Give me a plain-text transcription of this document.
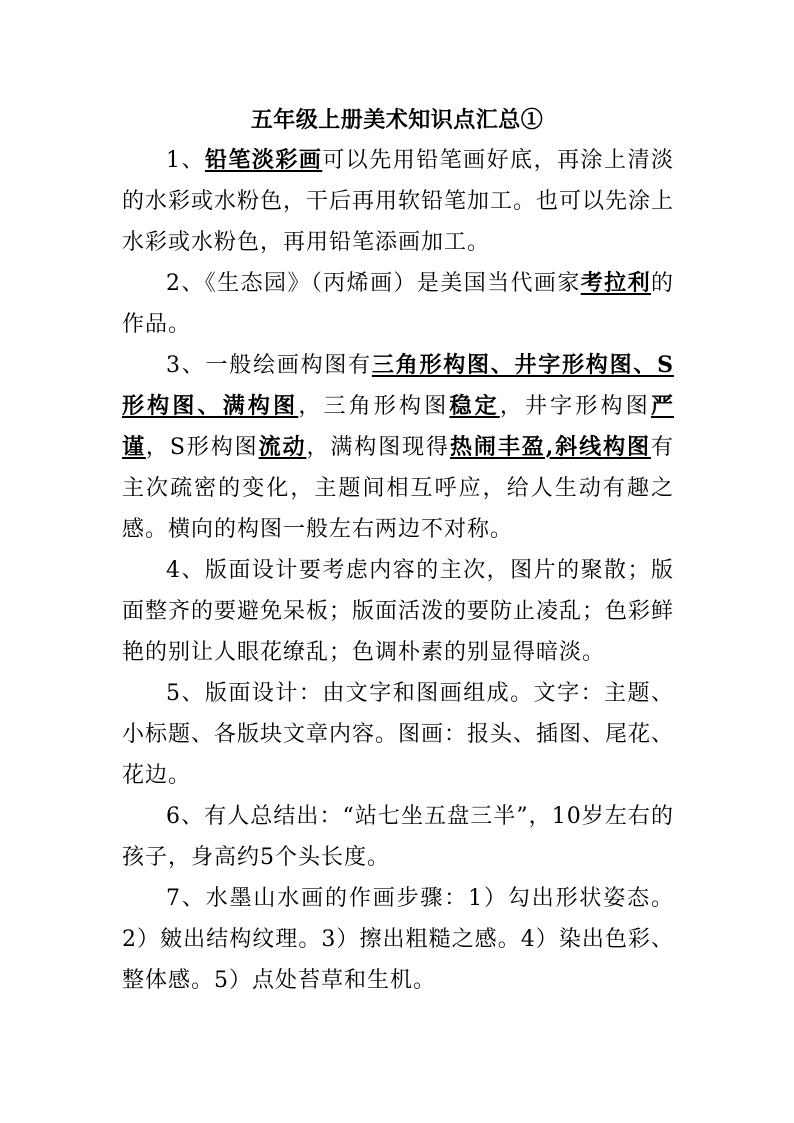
五年级上册美术知识点汇总①

1、铅笔淡彩画可以先用铅笔画好底，再涂上清淡的水彩或水粉色，干后再用软铅笔加工。也可以先涂上水彩或水粉色，再用铅笔添画加工。

2、《生态园》（丙烯画）是美国当代画家考拉利的作品。

3、一般绘画构图有三角形构图、井字形构图、S形构图、满构图，三角形构图稳定，井字形构图严谨，S形构图流动，满构图现得热闹丰盈,斜线构图有主次疏密的变化，主题间相互呼应，给人生动有趣之感。横向的构图一般左右两边不对称。

4、版面设计要考虑内容的主次，图片的聚散；版面整齐的要避免呆板；版面活泼的要防止凌乱；色彩鲜艳的别让人眼花缭乱；色调朴素的别显得暗淡。

5、版面设计：由文字和图画组成。文字：主题、小标题、各版块文章内容。图画：报头、插图、尾花、花边。

6、有人总结出：“站七坐五盘三半”，10岁左右的孩子，身高约5个头长度。

7、水墨山水画的作画步骤：1）勾出形状姿态。2）皴出结构纹理。3）擦出粗糙之感。4）染出色彩、整体感。5）点处苔草和生机。
